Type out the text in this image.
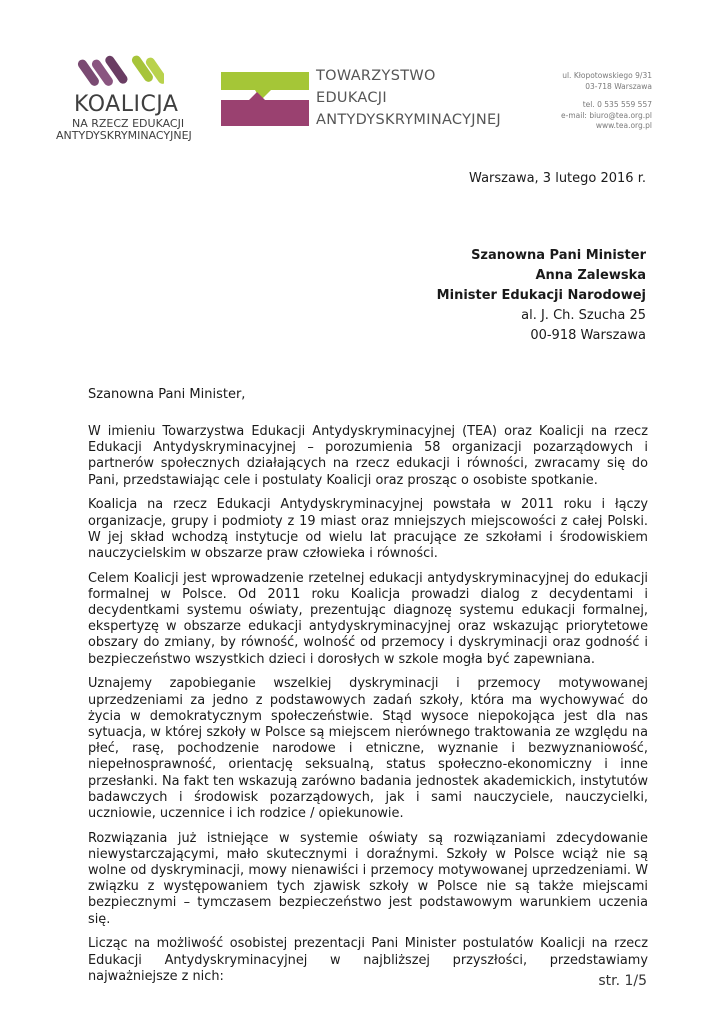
KOALICJA
NA RZECZ EDUKACJI
ANTYDYSKRYMINACYJNEJ
TOWARZYSTWO
EDUKACJI
ANTYDYSKRYMINACYJNEJ
ul. Kłopotowskiego 9/31
03-718 Warszawa
tel. 0 535 559 557
e-mail: biuro@tea.org.pl
www.tea.org.pl
Warszawa, 3 lutego 2016 r.
Szanowna Pani Minister
Anna Zalewska
Minister Edukacji Narodowej
al. J. Ch. Szucha 25
00-918 Warszawa
Szanowna Pani Minister,

W imieniu Towarzystwa Edukacji Antydyskryminacyjnej (TEA) oraz Koalicji na rzecz Edukacji Antydyskryminacyjnej – porozumienia 58 organizacji pozarządowych i partnerów społecznych działających na rzecz edukacji i równości, zwracamy się do Pani, przedstawiając cele i postulaty Koalicji oraz prosząc o osobiste spotkanie.

Koalicja na rzecz Edukacji Antydyskryminacyjnej powstała w 2011 roku i łączy organizacje, grupy i podmioty z 19 miast oraz mniejszych miejscowości z całej Polski. W jej skład wchodzą instytucje od wielu lat pracujące ze szkołami i środowiskiem nauczycielskim w obszarze praw człowieka i równości.

Celem Koalicji jest wprowadzenie rzetelnej edukacji antydyskryminacyjnej do edukacji formalnej w Polsce. Od 2011 roku Koalicja prowadzi dialog z decydentami i decydentkami systemu oświaty, prezentując diagnozę systemu edukacji formalnej, ekspertyzę w obszarze edukacji antydyskryminacyjnej oraz wskazując priorytetowe obszary do zmiany, by równość, wolność od przemocy i dyskryminacji oraz godność i bezpieczeństwo wszystkich dzieci i dorosłych w szkole mogła być zapewniana.

Uznajemy zapobieganie wszelkiej dyskryminacji i przemocy motywowanej uprzedzeniami za jedno z podstawowych zadań szkoły, która ma wychowywać do życia w demokratycznym społeczeństwie. Stąd wysoce niepokojąca jest dla nas sytuacja, w której szkoły w Polsce są miejscem nierównego traktowania ze względu na płeć, rasę, pochodzenie narodowe i etniczne, wyznanie i bezwyznaniowość, niepełnosprawność, orientację seksualną, status społeczno-ekonomiczny i inne przesłanki. Na fakt ten wskazują zarówno badania jednostek akademickich, instytutów badawczych i środowisk pozarządowych, jak i sami nauczyciele, nauczycielki, uczniowie, uczennice i ich rodzice / opiekunowie.

Rozwiązania już istniejące w systemie oświaty są rozwiązaniami zdecydowanie niewystarczającymi, mało skutecznymi i doraźnymi. Szkoły w Polsce wciąż nie są wolne od dyskryminacji, mowy nienawiści i przemocy motywowanej uprzedzeniami. W związku z występowaniem tych zjawisk szkoły w Polsce nie są także miejscami bezpiecznymi – tymczasem bezpieczeństwo jest podstawowym warunkiem uczenia się.

Licząc na możliwość osobistej prezentacji Pani Minister postulatów Koalicji na rzecz Edukacji Antydyskryminacyjnej w najbliższej przyszłości, przedstawiamy najważniejsze z nich:	str. 1/5
